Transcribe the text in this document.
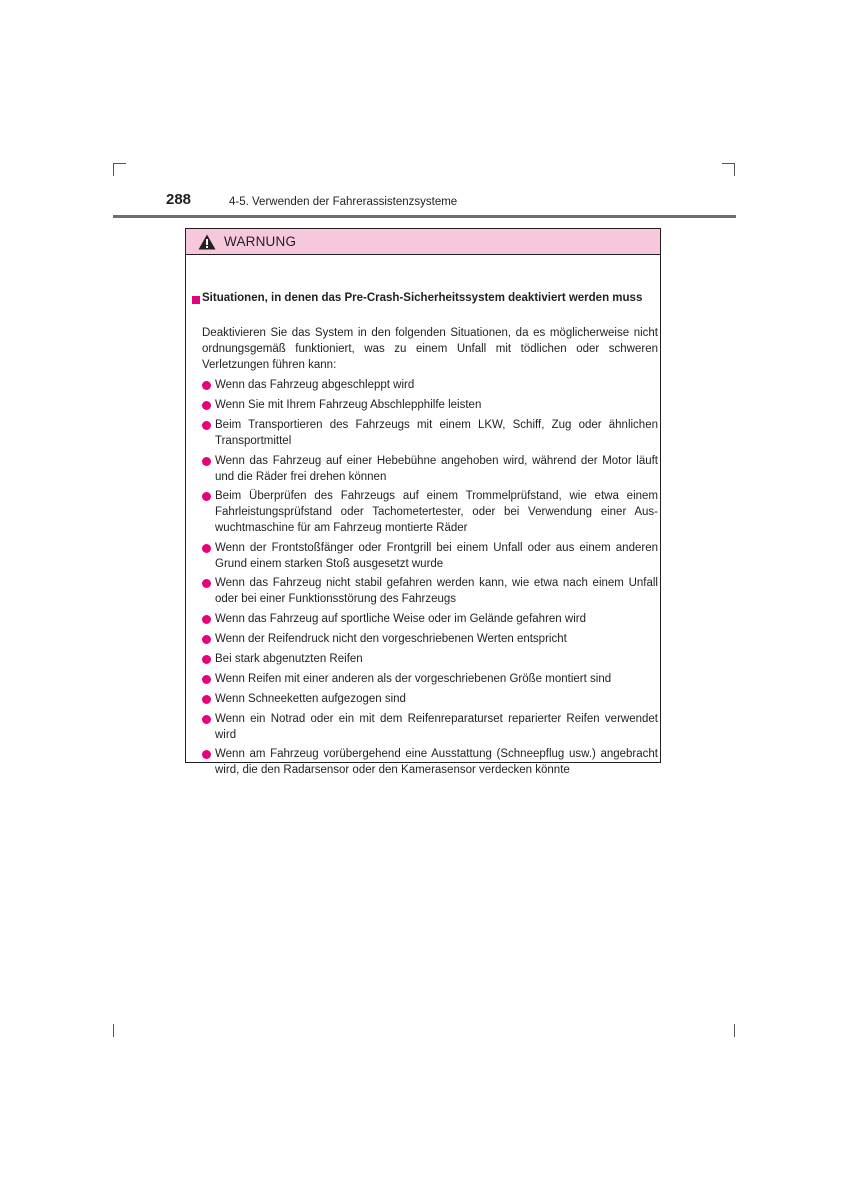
288	4-5. Verwenden der Fahrerassistenzsysteme
WARNUNG
Situationen, in denen das Pre-Crash-Sicherheitssystem deaktiviert werden muss
Deaktivieren Sie das System in den folgenden Situationen, da es möglicherweise nicht ordnungsgemäß funktioniert, was zu einem Unfall mit tödlichen oder schweren Verletzungen führen kann:
Wenn das Fahrzeug abgeschleppt wird
Wenn Sie mit Ihrem Fahrzeug Abschlepphilfe leisten
Beim Transportieren des Fahrzeugs mit einem LKW, Schiff, Zug oder ähnlichen Transportmittel
Wenn das Fahrzeug auf einer Hebebühne angehoben wird, während der Motor läuft und die Räder frei drehen können
Beim Überprüfen des Fahrzeugs auf einem Trommelprüfstand, wie etwa einem Fahrleistungsprüfstand oder Tachometertester, oder bei Verwendung einer Auswuchtmaschine für am Fahrzeug montierte Räder
Wenn der Frontstoßfänger oder Frontgrill bei einem Unfall oder aus einem anderen Grund einem starken Stoß ausgesetzt wurde
Wenn das Fahrzeug nicht stabil gefahren werden kann, wie etwa nach einem Unfall oder bei einer Funktionsstörung des Fahrzeugs
Wenn das Fahrzeug auf sportliche Weise oder im Gelände gefahren wird
Wenn der Reifendruck nicht den vorgeschriebenen Werten entspricht
Bei stark abgenutzten Reifen
Wenn Reifen mit einer anderen als der vorgeschriebenen Größe montiert sind
Wenn Schneeketten aufgezogen sind
Wenn ein Notrad oder ein mit dem Reifenreparaturset reparierter Reifen verwendet wird
Wenn am Fahrzeug vorübergehend eine Ausstattung (Schneepflug usw.) angebracht wird, die den Radarsensor oder den Kamerasensor verdecken könnte
